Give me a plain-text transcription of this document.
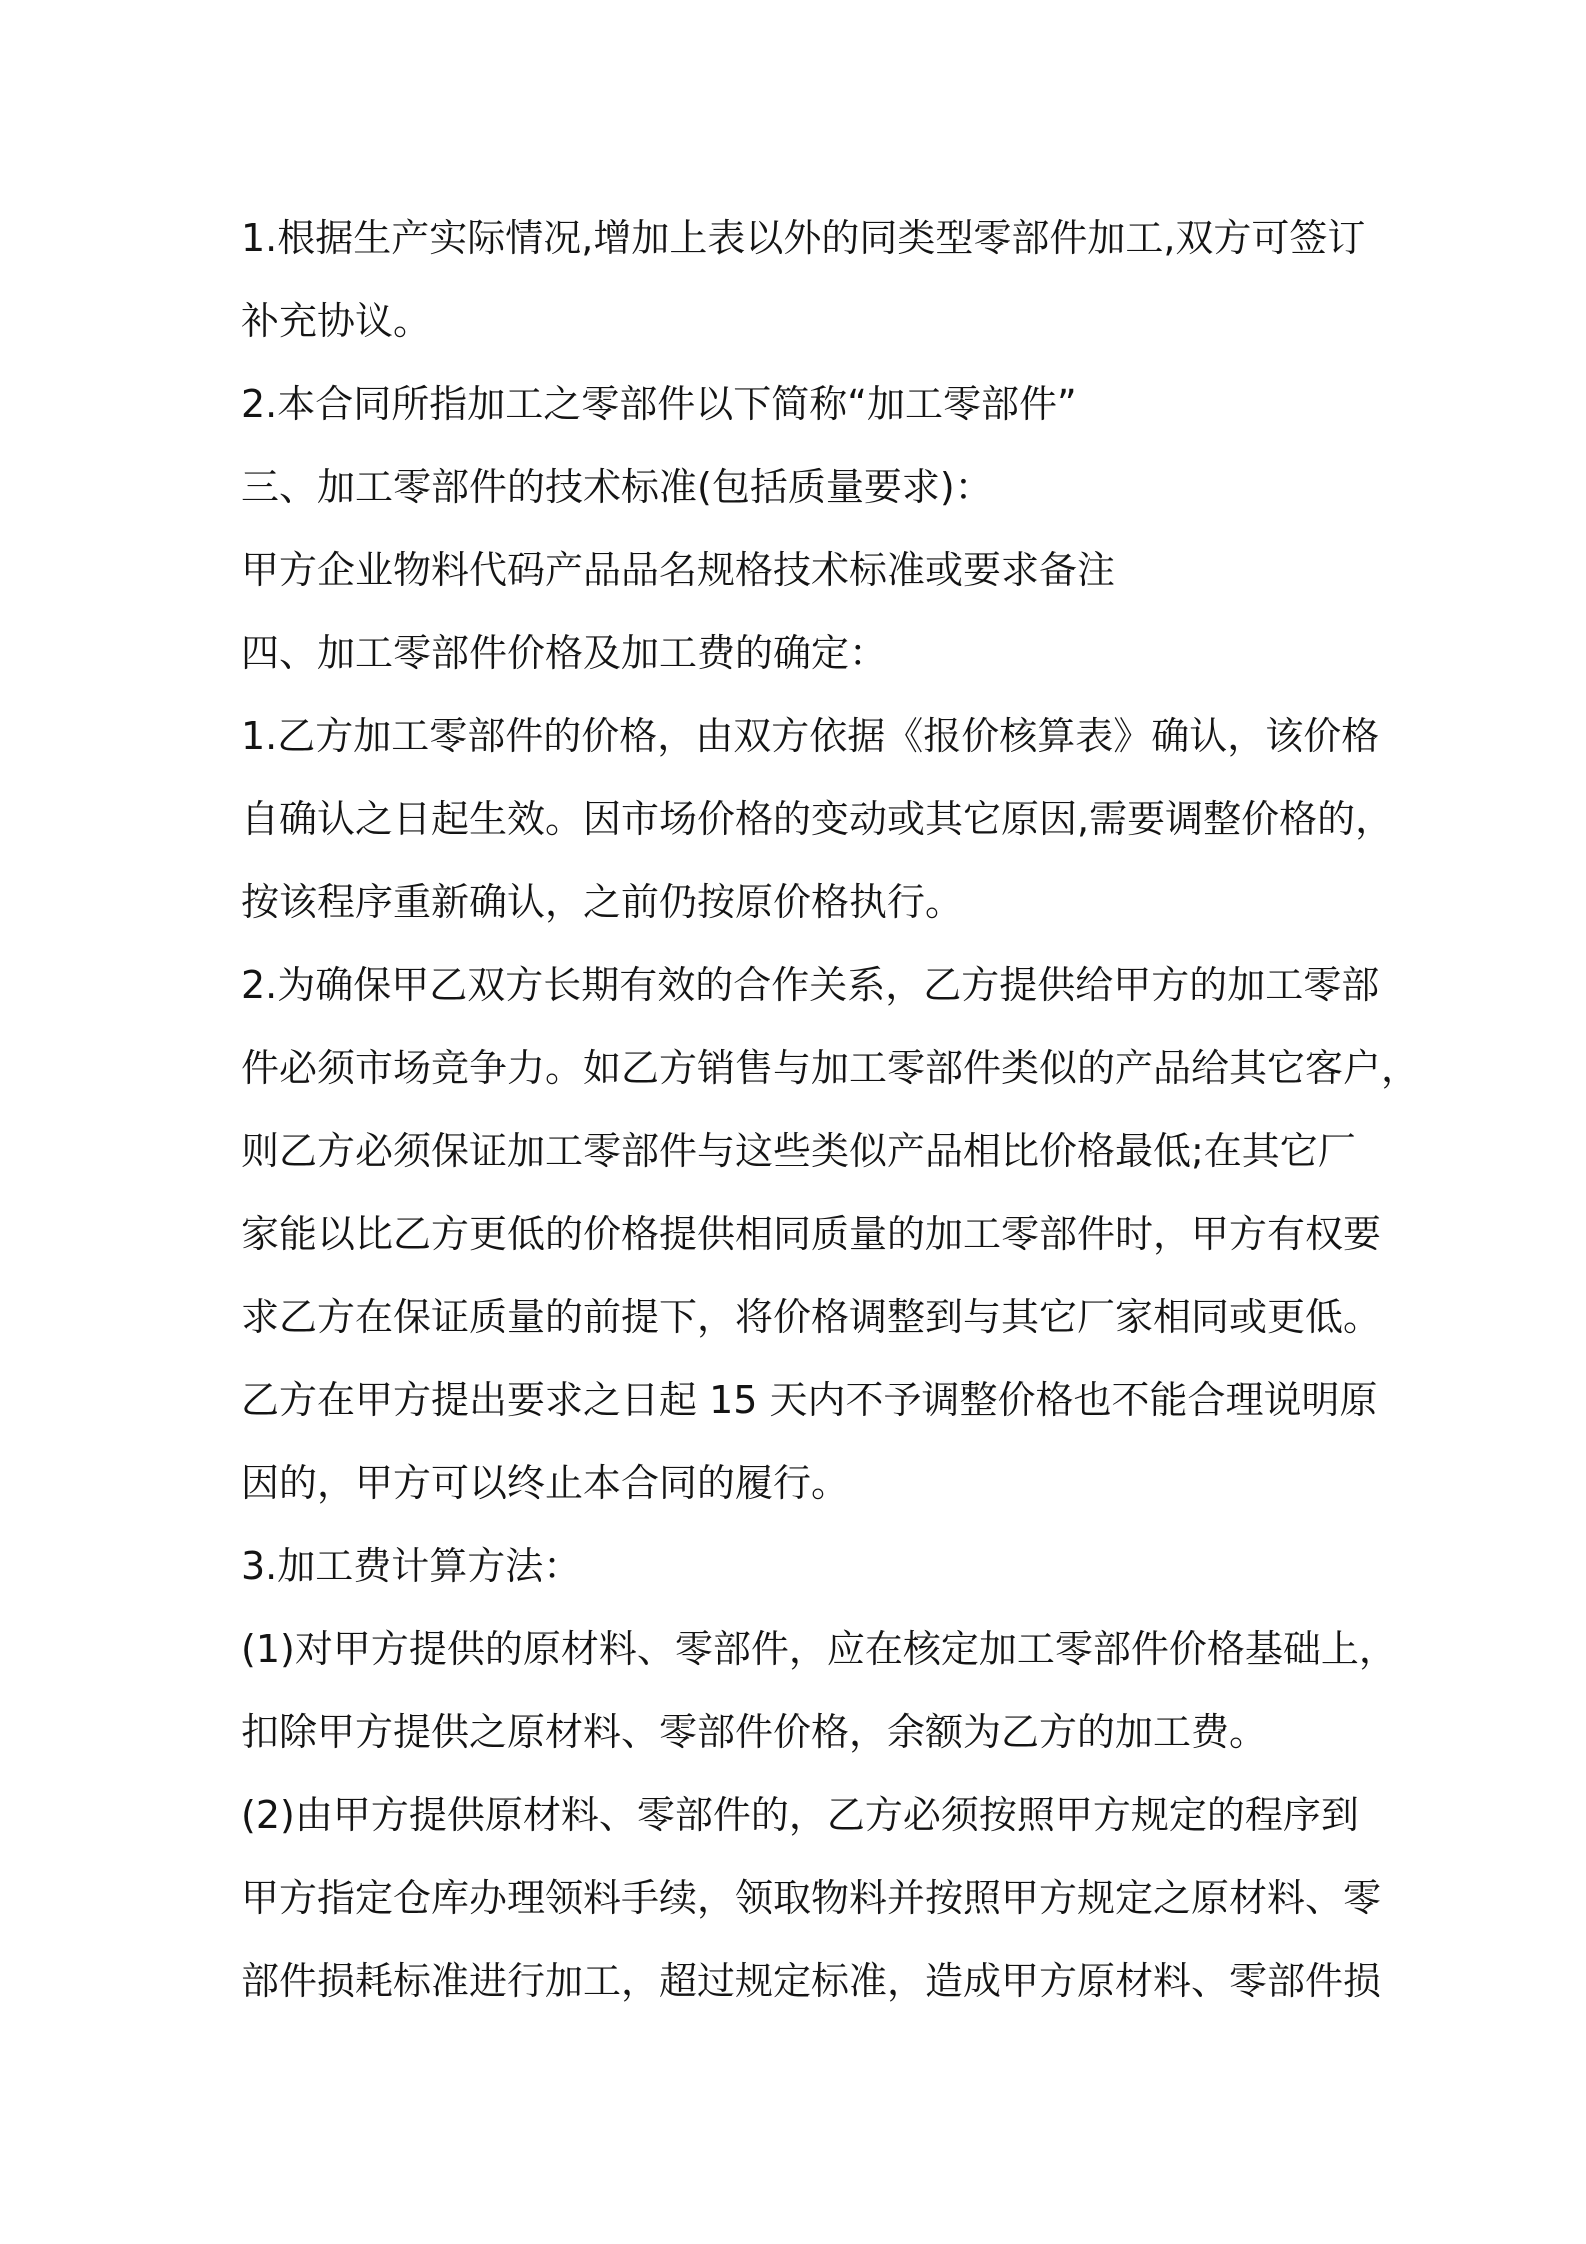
1.根据生产实际情况,增加上表以外的同类型零部件加工,双方可签订
补充协议。
2.本合同所指加工之零部件以下简称“加工零部件”
三、加工零部件的技术标准(包括质量要求)：
甲方企业物料代码产品品名规格技术标准或要求备注
四、加工零部件价格及加工费的确定：
1.乙方加工零部件的价格，由双方依据《报价核算表》确认，该价格
自确认之日起生效。因市场价格的变动或其它原因,需要调整价格的，
按该程序重新确认，之前仍按原价格执行。
2.为确保甲乙双方长期有效的合作关系，乙方提供给甲方的加工零部
件必须市场竞争力。如乙方销售与加工零部件类似的产品给其它客户，
则乙方必须保证加工零部件与这些类似产品相比价格最低;在其它厂
家能以比乙方更低的价格提供相同质量的加工零部件时，甲方有权要
求乙方在保证质量的前提下，将价格调整到与其它厂家相同或更低。
乙方在甲方提出要求之日起 15 天内不予调整价格也不能合理说明原
因的，甲方可以终止本合同的履行。
3.加工费计算方法：
(1)对甲方提供的原材料、零部件，应在核定加工零部件价格基础上，
扣除甲方提供之原材料、零部件价格，余额为乙方的加工费。
(2)由甲方提供原材料、零部件的，乙方必须按照甲方规定的程序到
甲方指定仓库办理领料手续，领取物料并按照甲方规定之原材料、零
部件损耗标准进行加工，超过规定标准，造成甲方原材料、零部件损
